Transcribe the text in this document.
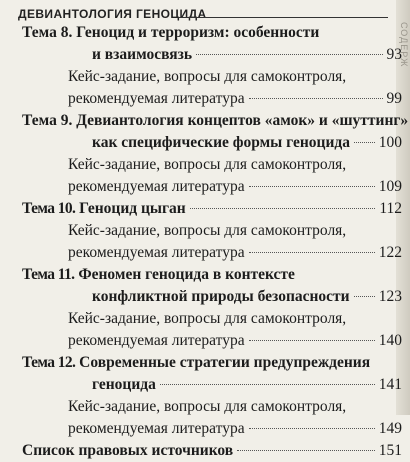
ДЕВИАНТОЛОГИЯ ГЕНОЦИДА
СОДЕРЖ
Тема 8.
Геноцид и терроризм: особенности
и взаимосвязь	93
Кейс-задание, вопросы для самоконтроля,
рекомендуемая литература	99
Тема 9.
Девиантология концептов «амок» и «шуттинг»
как специфические формы геноцида 100
Кейс-задание, вопросы для самоконтроля,
рекомендуемая литература	109
Тема 10.
Геноцид цыган	112
Кейс-задание, вопросы для самоконтроля,
рекомендуемая литература	122
Тема 11.
Феномен геноцида в контексте
конфликтной природы безопасности 123
Кейс-задание, вопросы для самоконтроля,
рекомендуемая литература	140
Тема 12.
Современные стратегии предупреждения
геноцида	141
Кейс-задание, вопросы для самоконтроля,
рекомендуемая литература	149
Список правовых источников	151
